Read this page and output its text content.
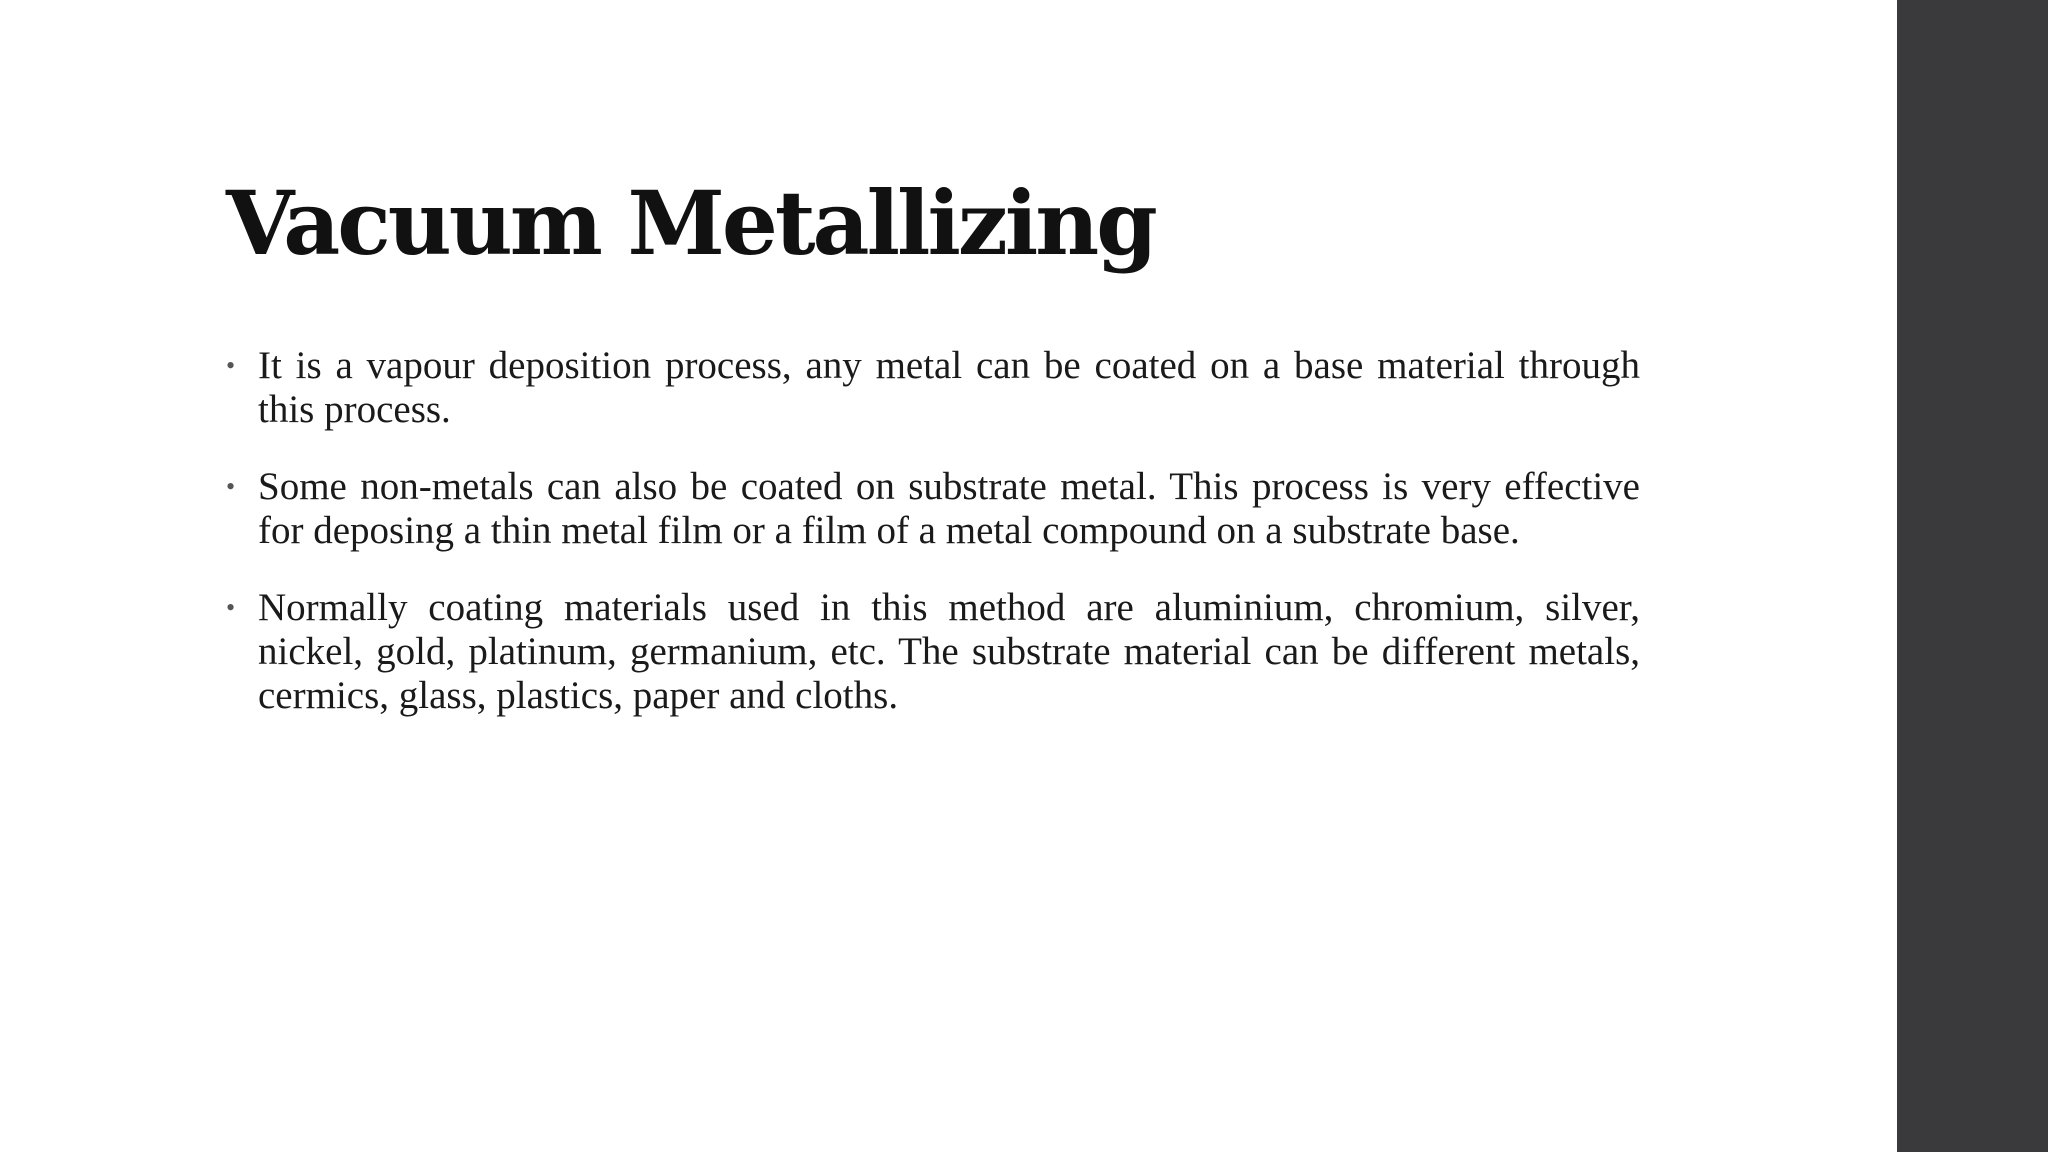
Vacuum Metallizing
• It is a vapour deposition process, any metal can be coated on a base material through this process.
• Some non-metals can also be coated on substrate metal. This process is very effective for deposing a thin metal film or a film of a metal compound on a substrate base.
• Normally coating materials used in this method are aluminium, chromium, silver, nickel, gold, platinum, germanium, etc. The substrate material can be different metals, cermics, glass, plastics, paper and cloths.
